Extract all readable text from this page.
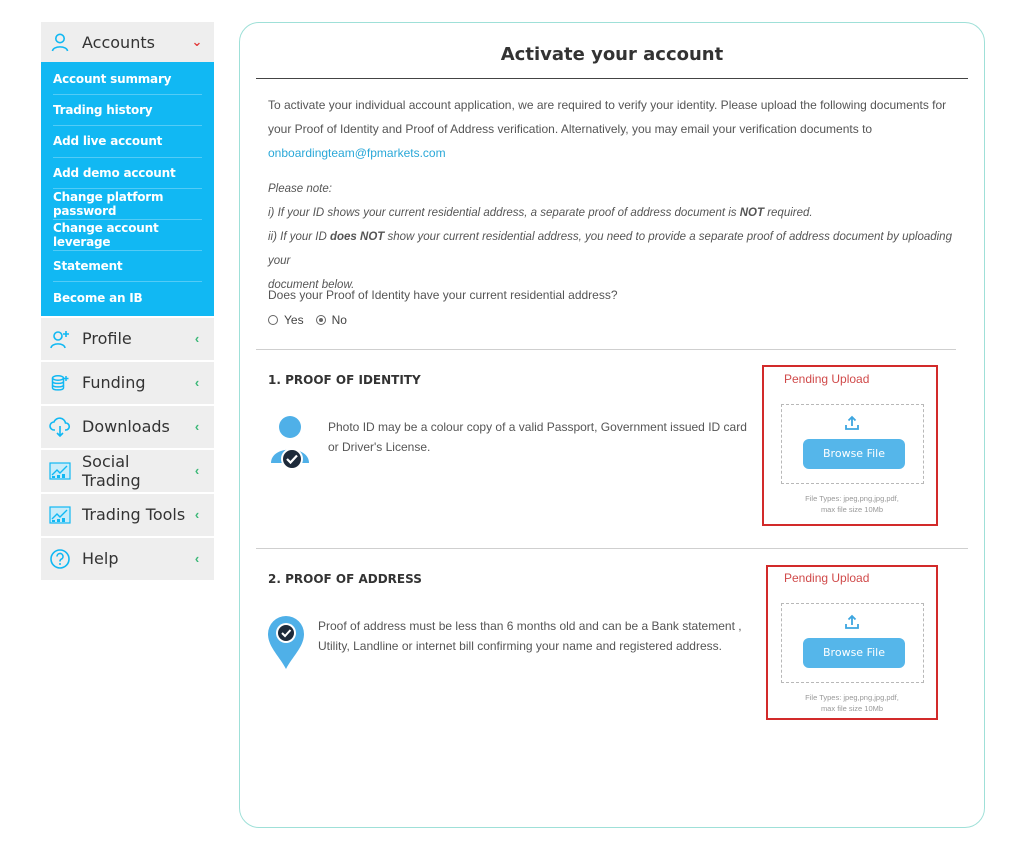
Accounts	⌄
Account summary
Trading history
Add live account
Add demo account
Change platform password
Change account leverage
Statement
Become an IB
Profile	‹
Funding	‹
Downloads	‹
Social Trading	‹
Trading Tools ‹
Help	‹
Activate your account
To activate your individual account application, we are required to verify your identity. Please upload the following documents for
your Proof of Identity and Proof of Address verification. Alternatively, you may email your verification documents to
onboardingteam@fpmarkets.com
Please note:
i) If your ID shows your current residential address, a separate proof of address document is NOT required.
ii) If your ID does NOT show your current residential address, you need to provide a separate proof of address document by uploading your
document below.
Does your Proof of Identity have your current residential address?
Yes No
1. PROOF OF IDENTITY
Photo ID may be a colour copy of a valid Passport, Government issued ID card or Driver's License.
Pending Upload
Browse File
File Types: jpeg,png,jpg,pdf,
max file size 10Mb
2. PROOF OF ADDRESS
Proof of address must be less than 6 months old and can be a Bank statement , Utility, Landline or internet bill confirming your name and registered address.
Pending Upload
Browse File
File Types: jpeg,png,jpg,pdf,
max file size 10Mb
